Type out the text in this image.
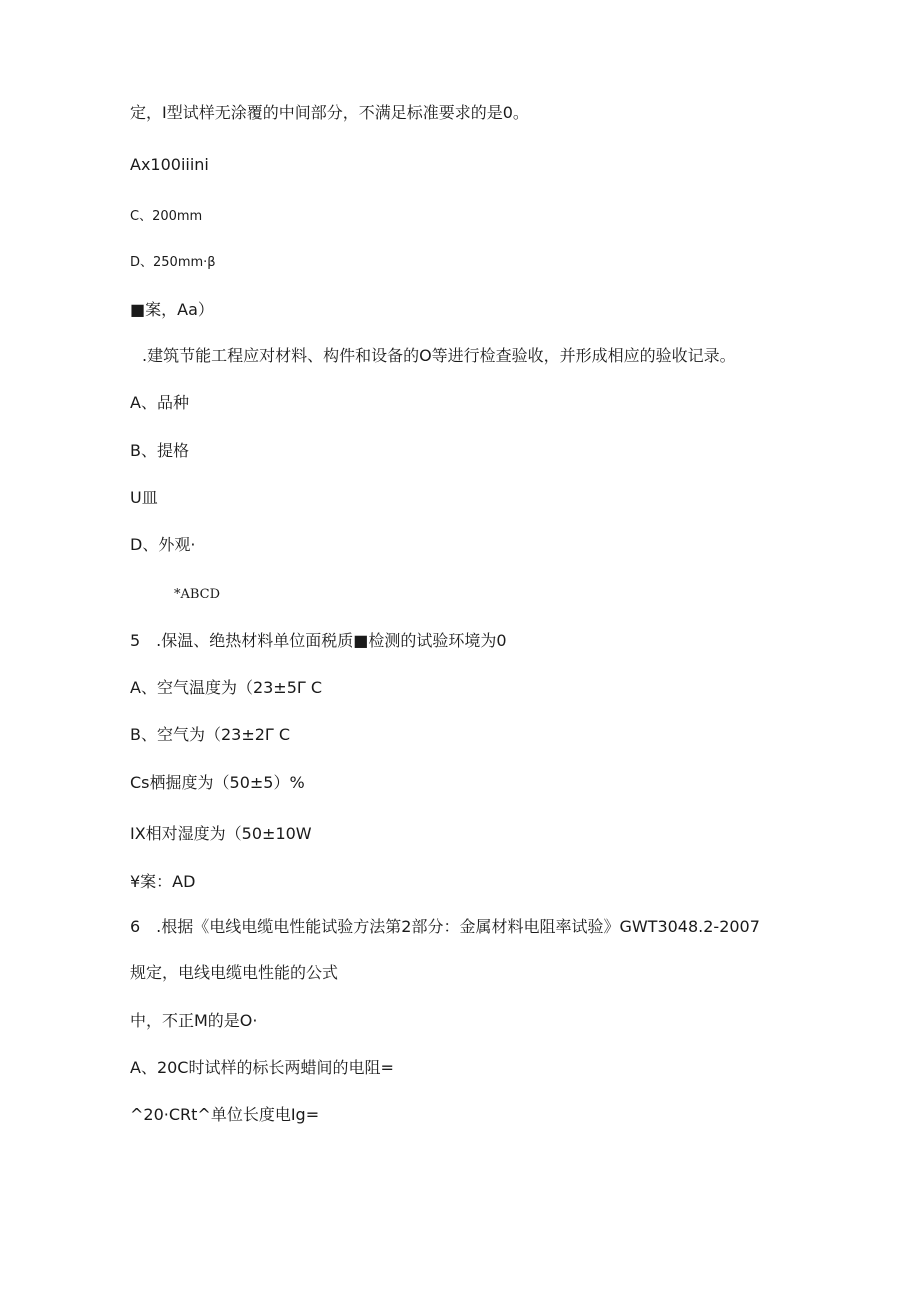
定，I型试样无涂覆的中间部分，不满足标准要求的是0。
Ax100iiini
C、200mm
D、250mm·β
■案，Aa）
.建筑节能工程应对材料、构件和设备的O等进行检查验收，并形成相应的验收记录。
A、品种
B、提格
U皿
D、外观·
*ABCD
5　.保温、绝热材料单位面税质■检测的试验环境为0
A、空气温度为（23±5Γ C
B、空气为（23±2Γ C
Cs栖掘度为（50±5）%
IX相对湿度为（50±10W
¥案：AD
6　.根据《电线电缆电性能试验方法第2部分：金属材料电阻率试验》GWT3048.2-2007
规定，电线电缆电性能的公式
中，不正M的是O·
A、20C时试样的标长两蜡间的电阻=
^20·CRt^单位长度电Ig=
